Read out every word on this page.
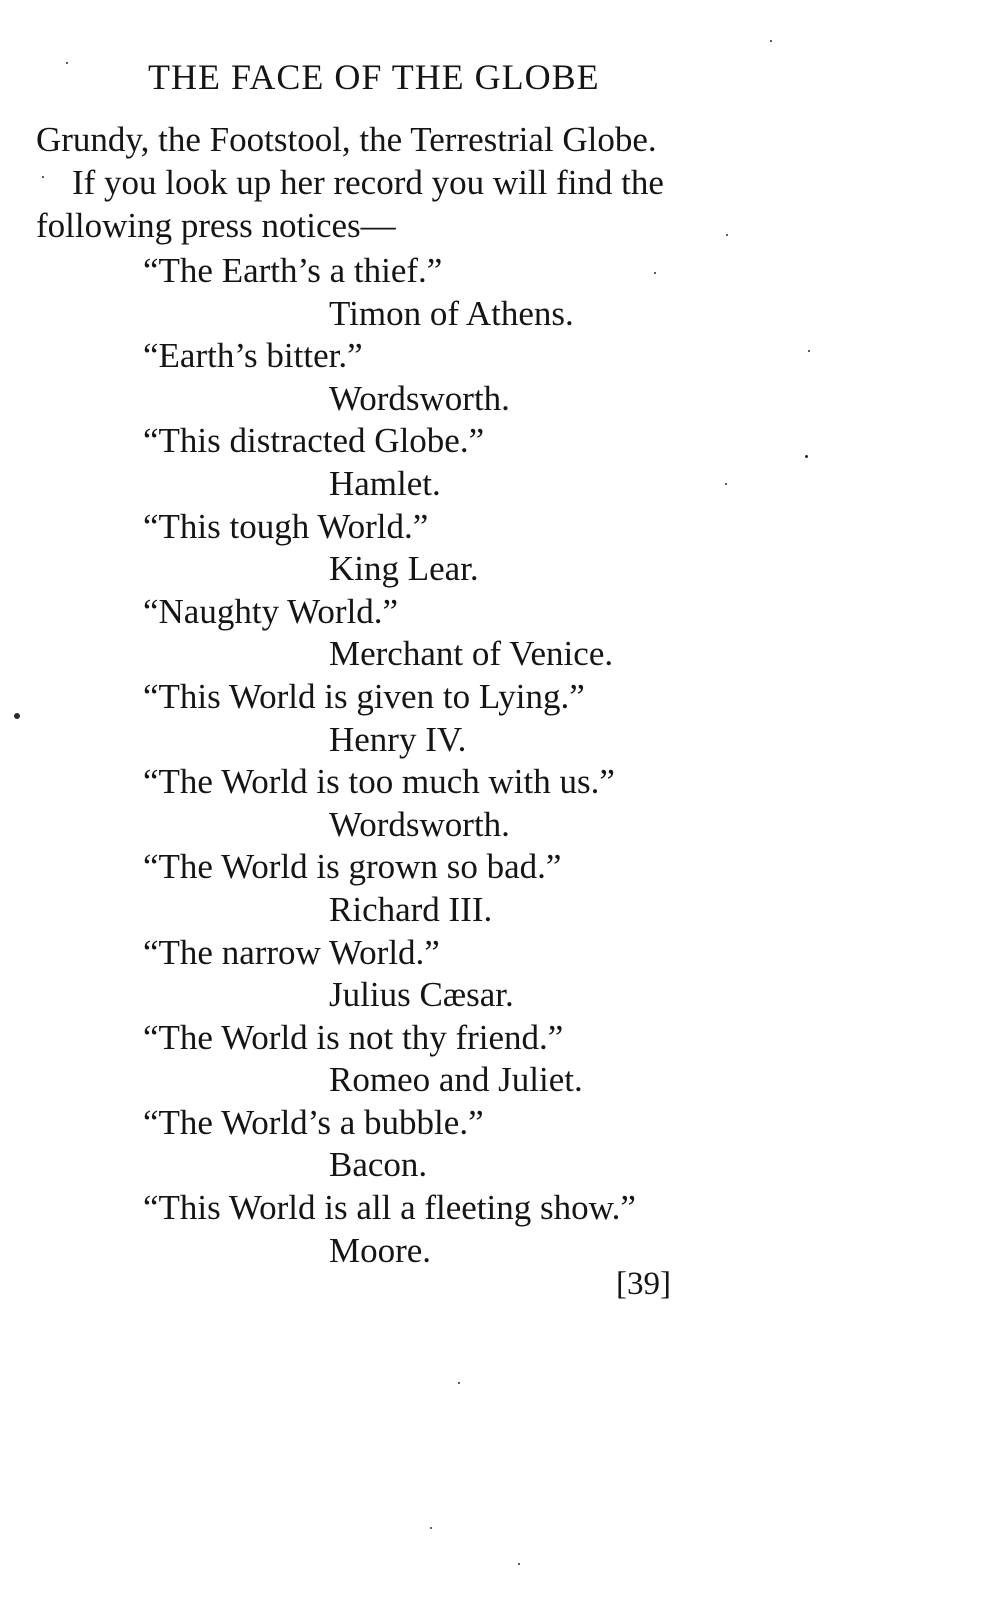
THE FACE OF THE GLOBE
Grundy, the Footstool, the Terrestrial Globe.
If you look up her record you will find the
following press notices—
“The Earth’s a thief.”
Timon of Athens.
“Earth’s bitter.”
Wordsworth.
“This distracted Globe.”
Hamlet.
“This tough World.”
King Lear.
“Naughty World.”
Merchant of Venice.
“This World is given to Lying.”
Henry IV.
“The World is too much with us.”
Wordsworth.
“The World is grown so bad.”
Richard III.
“The narrow World.”
Julius Cæsar.
“The World is not thy friend.”
Romeo and Juliet.
“The World’s a bubble.”
Bacon.
“This World is all a fleeting show.”
Moore.
[39]
